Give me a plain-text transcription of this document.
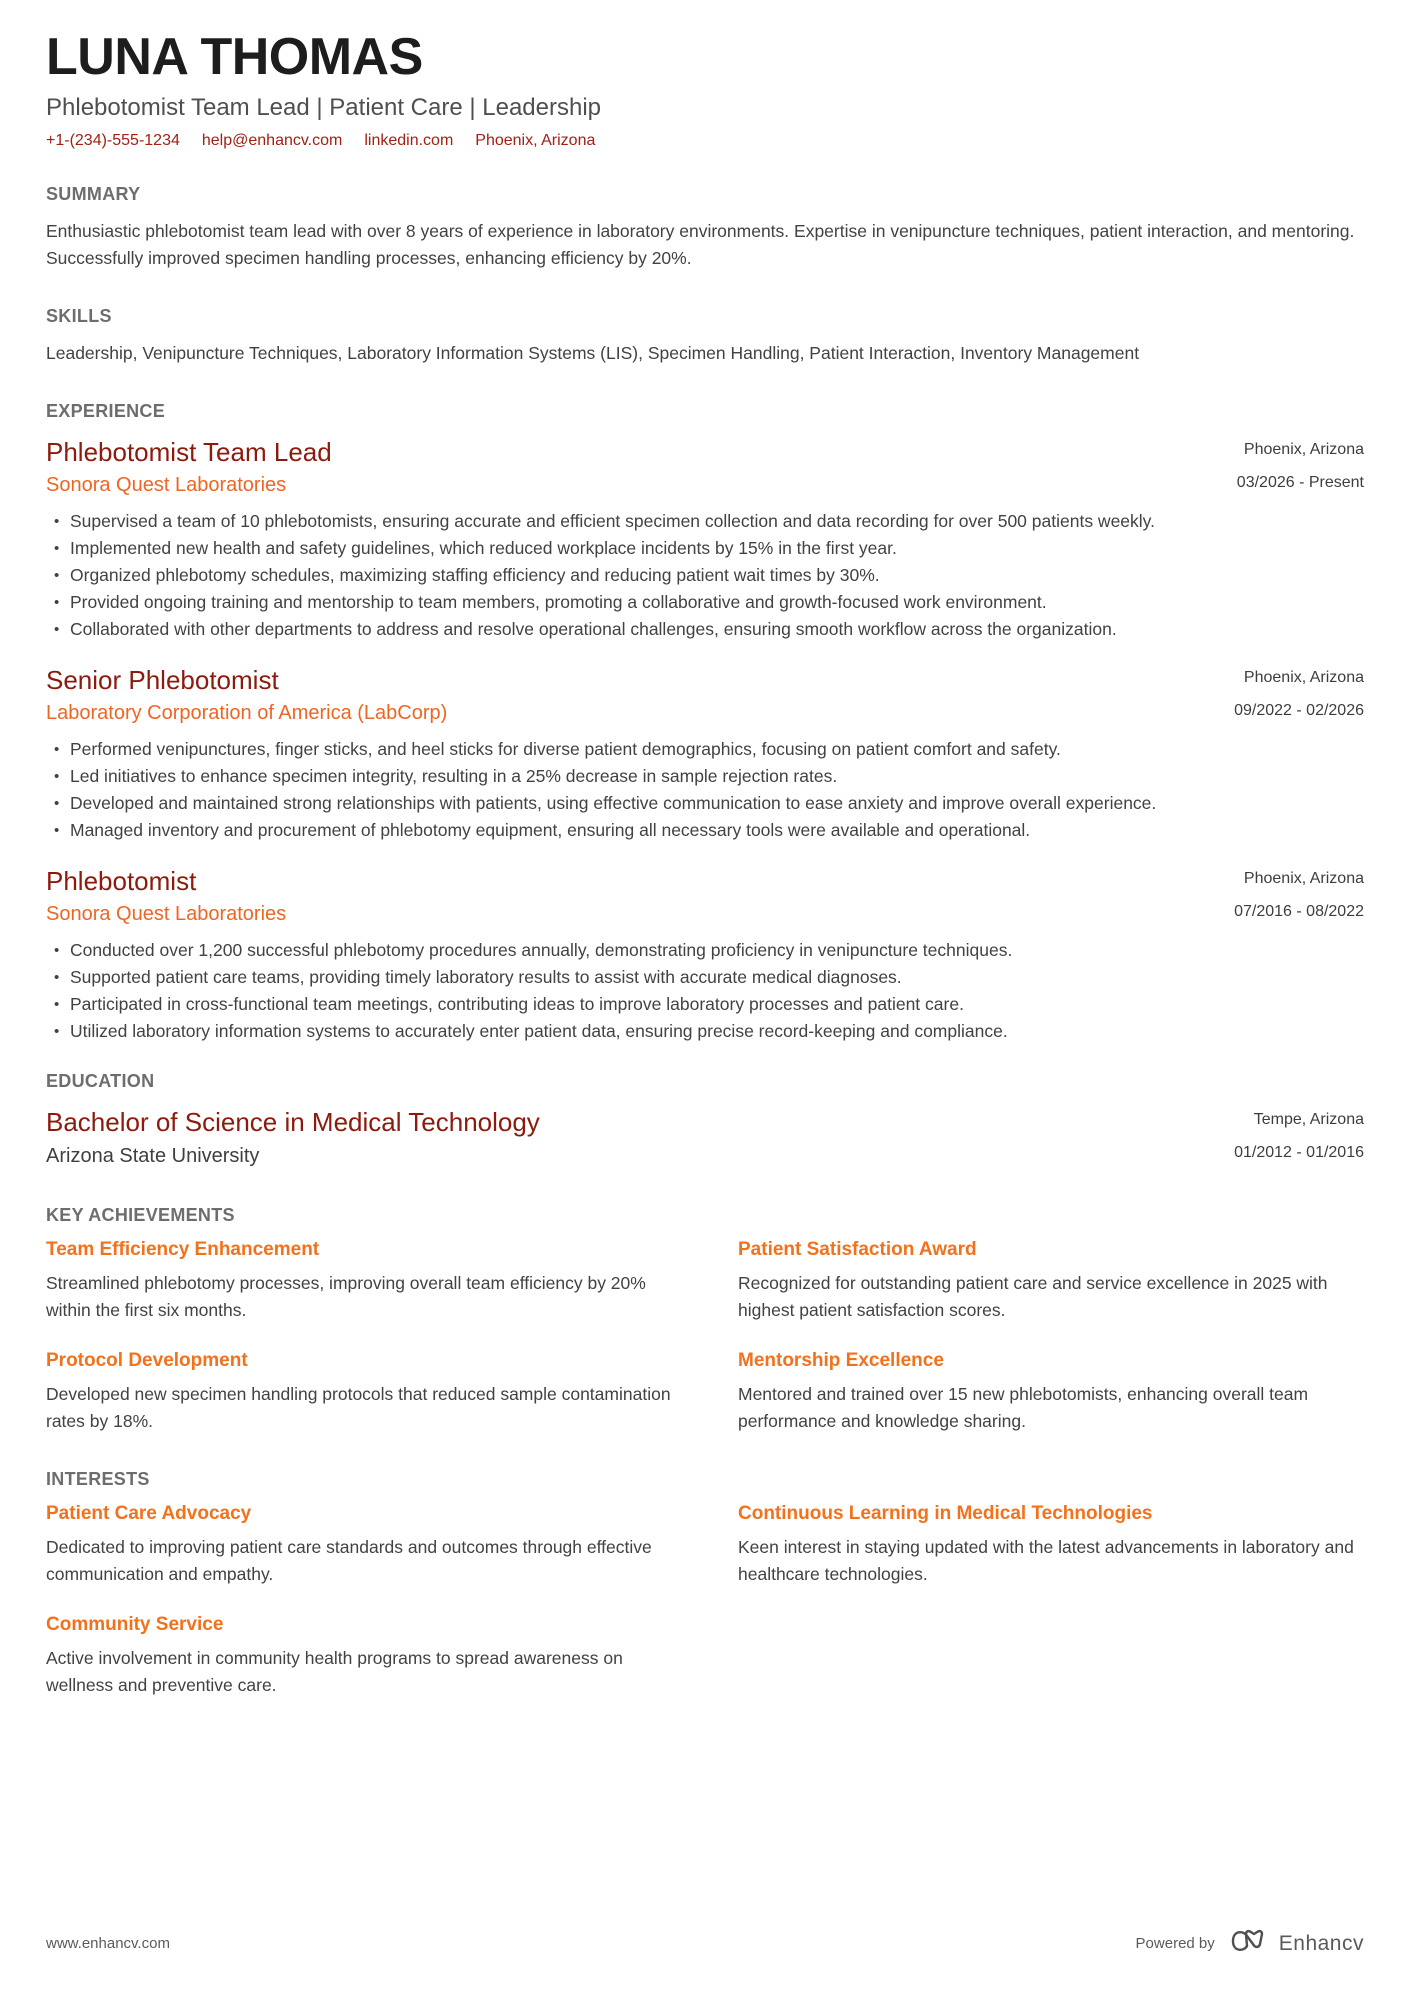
LUNA THOMAS
Phlebotomist Team Lead | Patient Care | Leadership
+1-(234)-555-1234 help@enhancv.com linkedin.com Phoenix, Arizona
SUMMARY
Enthusiastic phlebotomist team lead with over 8 years of experience in laboratory environments. Expertise in venipuncture techniques, patient interaction, and mentoring. Successfully improved specimen handling processes, enhancing efficiency by 20%.
SKILLS
Leadership, Venipuncture Techniques, Laboratory Information Systems (LIS), Specimen Handling, Patient Interaction, Inventory Management
EXPERIENCE
Phlebotomist Team Lead
Sonora Quest Laboratories
Phoenix, Arizona
03/2026 - Present
• Supervised a team of 10 phlebotomists, ensuring accurate and efficient specimen collection and data recording for over 500 patients weekly.
• Implemented new health and safety guidelines, which reduced workplace incidents by 15% in the first year.
• Organized phlebotomy schedules, maximizing staffing efficiency and reducing patient wait times by 30%.
• Provided ongoing training and mentorship to team members, promoting a collaborative and growth-focused work environment.
• Collaborated with other departments to address and resolve operational challenges, ensuring smooth workflow across the organization.
Senior Phlebotomist
Laboratory Corporation of America (LabCorp)
Phoenix, Arizona
09/2022 - 02/2026
• Performed venipunctures, finger sticks, and heel sticks for diverse patient demographics, focusing on patient comfort and safety.
• Led initiatives to enhance specimen integrity, resulting in a 25% decrease in sample rejection rates.
• Developed and maintained strong relationships with patients, using effective communication to ease anxiety and improve overall experience.
• Managed inventory and procurement of phlebotomy equipment, ensuring all necessary tools were available and operational.
Phlebotomist
Sonora Quest Laboratories
Phoenix, Arizona
07/2016 - 08/2022
• Conducted over 1,200 successful phlebotomy procedures annually, demonstrating proficiency in venipuncture techniques.
• Supported patient care teams, providing timely laboratory results to assist with accurate medical diagnoses.
• Participated in cross-functional team meetings, contributing ideas to improve laboratory processes and patient care.
• Utilized laboratory information systems to accurately enter patient data, ensuring precise record-keeping and compliance.
EDUCATION
Bachelor of Science in Medical Technology
Arizona State University
Tempe, Arizona
01/2012 - 01/2016
KEY ACHIEVEMENTS
Team Efficiency Enhancement
Streamlined phlebotomy processes, improving overall team efficiency by 20% within the first six months.
Patient Satisfaction Award
Recognized for outstanding patient care and service excellence in 2025 with highest patient satisfaction scores.
Protocol Development
Developed new specimen handling protocols that reduced sample contamination rates by 18%.
Mentorship Excellence
Mentored and trained over 15 new phlebotomists, enhancing overall team performance and knowledge sharing.
INTERESTS
Patient Care Advocacy
Dedicated to improving patient care standards and outcomes through effective communication and empathy.
Continuous Learning in Medical Technologies
Keen interest in staying updated with the latest advancements in laboratory and healthcare technologies.
Community Service
Active involvement in community health programs to spread awareness on wellness and preventive care.
www.enhancv.com	Powered by	Enhancv
